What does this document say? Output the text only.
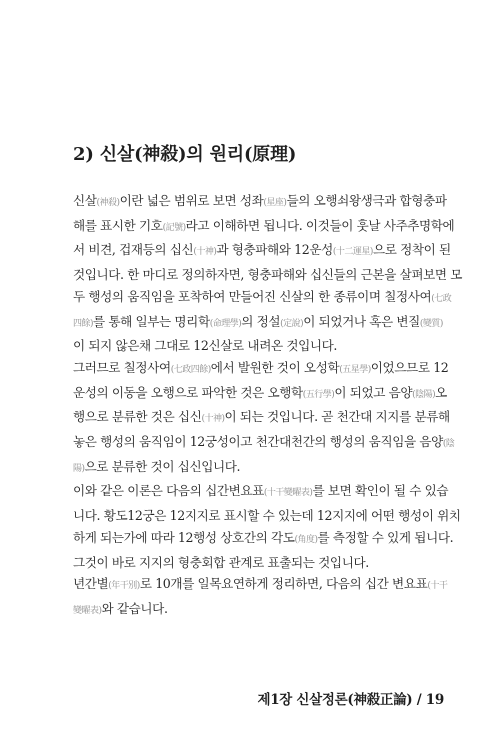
2) 신살(神殺)의 원리(原理)
신살(神殺)이란 넓은 범위로 보면 성좌(星座)들의 오행쇠왕생극과 합형충파
해를 표시한 기호(記號)라고 이해하면 됩니다. 이것들이 훗날 사주추명학에
서 비견, 겁재등의 십신(十神)과 형충파해와 12운성(十二運星)으로 정착이 된
것입니다. 한 마디로 정의하자면, 형충파해와 십신들의 근본을 살펴보면 모
두 행성의 움직임을 포착하여 만들어진 신살의 한 종류이며 칠정사여(七政
四餘)를 통해 일부는 명리학(命理學)의 정설(定說)이 되었거나 혹은 변질(變質)
이 되지 않은채 그대로 12신살로 내려온 것입니다.
그러므로 칠정사여(七政四餘)에서 발원한 것이 오성학(五星學)이었으므로 12
운성의 이동을 오행으로 파악한 것은 오행학(五行學)이 되었고 음양(陰陽)오
행으로 분류한 것은 십신(十神)이 되는 것입니다. 곧 천간대 지지를 분류해
놓은 행성의 움직임이 12궁성이고 천간대천간의 행성의 움직임을 음양(陰
陽)으로 분류한 것이 십신입니다.
이와 같은 이론은 다음의 십간변요표(十干變曜表)를 보면 확인이 될 수 있습
니다. 황도12궁은 12지지로 표시할 수 있는데 12지지에 어떤 행성이 위치
하게 되는가에 따라 12행성 상호간의 각도(角度)를 측정할 수 있게 됩니다.
그것이 바로 지지의 형충회합 관계로 표출되는 것입니다.
년간별(年干別)로 10개를 일목요연하게 정리하면, 다음의 십간 변요표(十干
變曜表)와 같습니다.
제1장 신살정론(神殺正論) / 19
